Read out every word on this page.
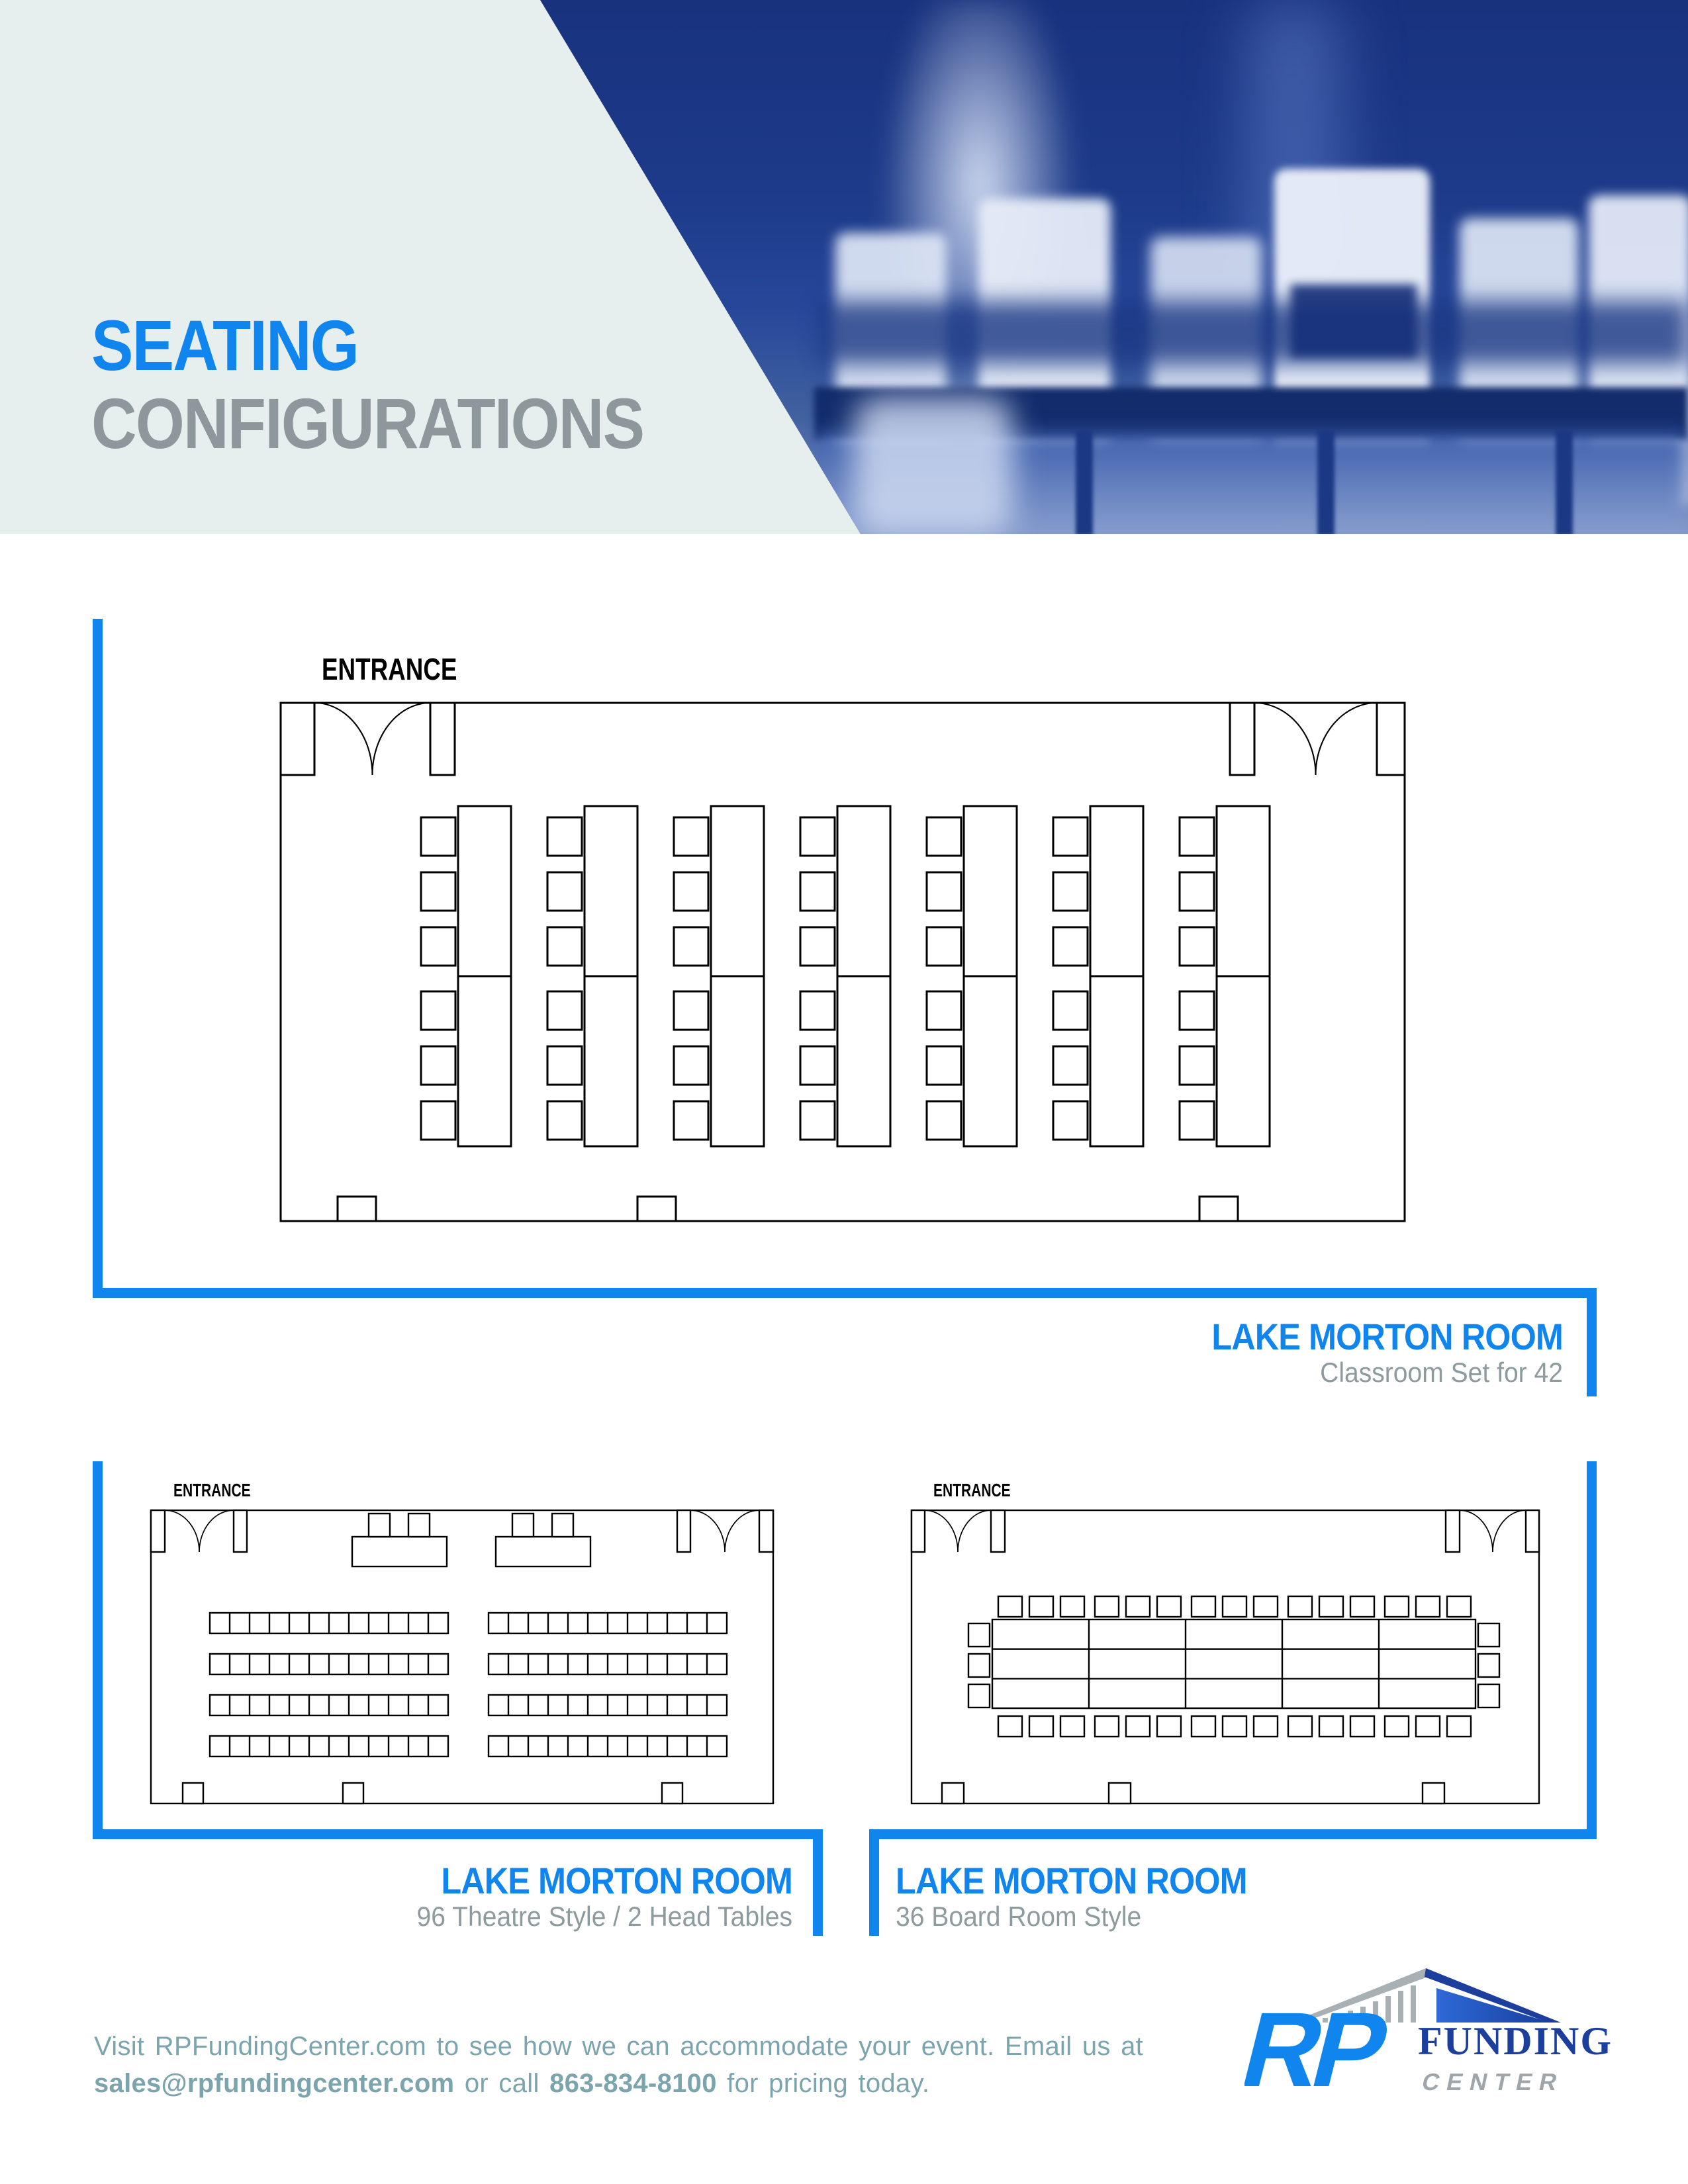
SEATING
CONFIGURATIONS
ENTRANCE
LAKE MORTON ROOM
Classroom Set for 42
ENTRANCE
LAKE MORTON ROOM
96 Theatre Style / 2 Head Tables
ENTRANCE
LAKE MORTON ROOM
36 Board Room Style
Visit RPFundingCenter.com to see how we can accommodate your event. Email us at
sales@rpfundingcenter.com or call 863-834-8100 for pricing today.	RP FUNDING
CENTER
